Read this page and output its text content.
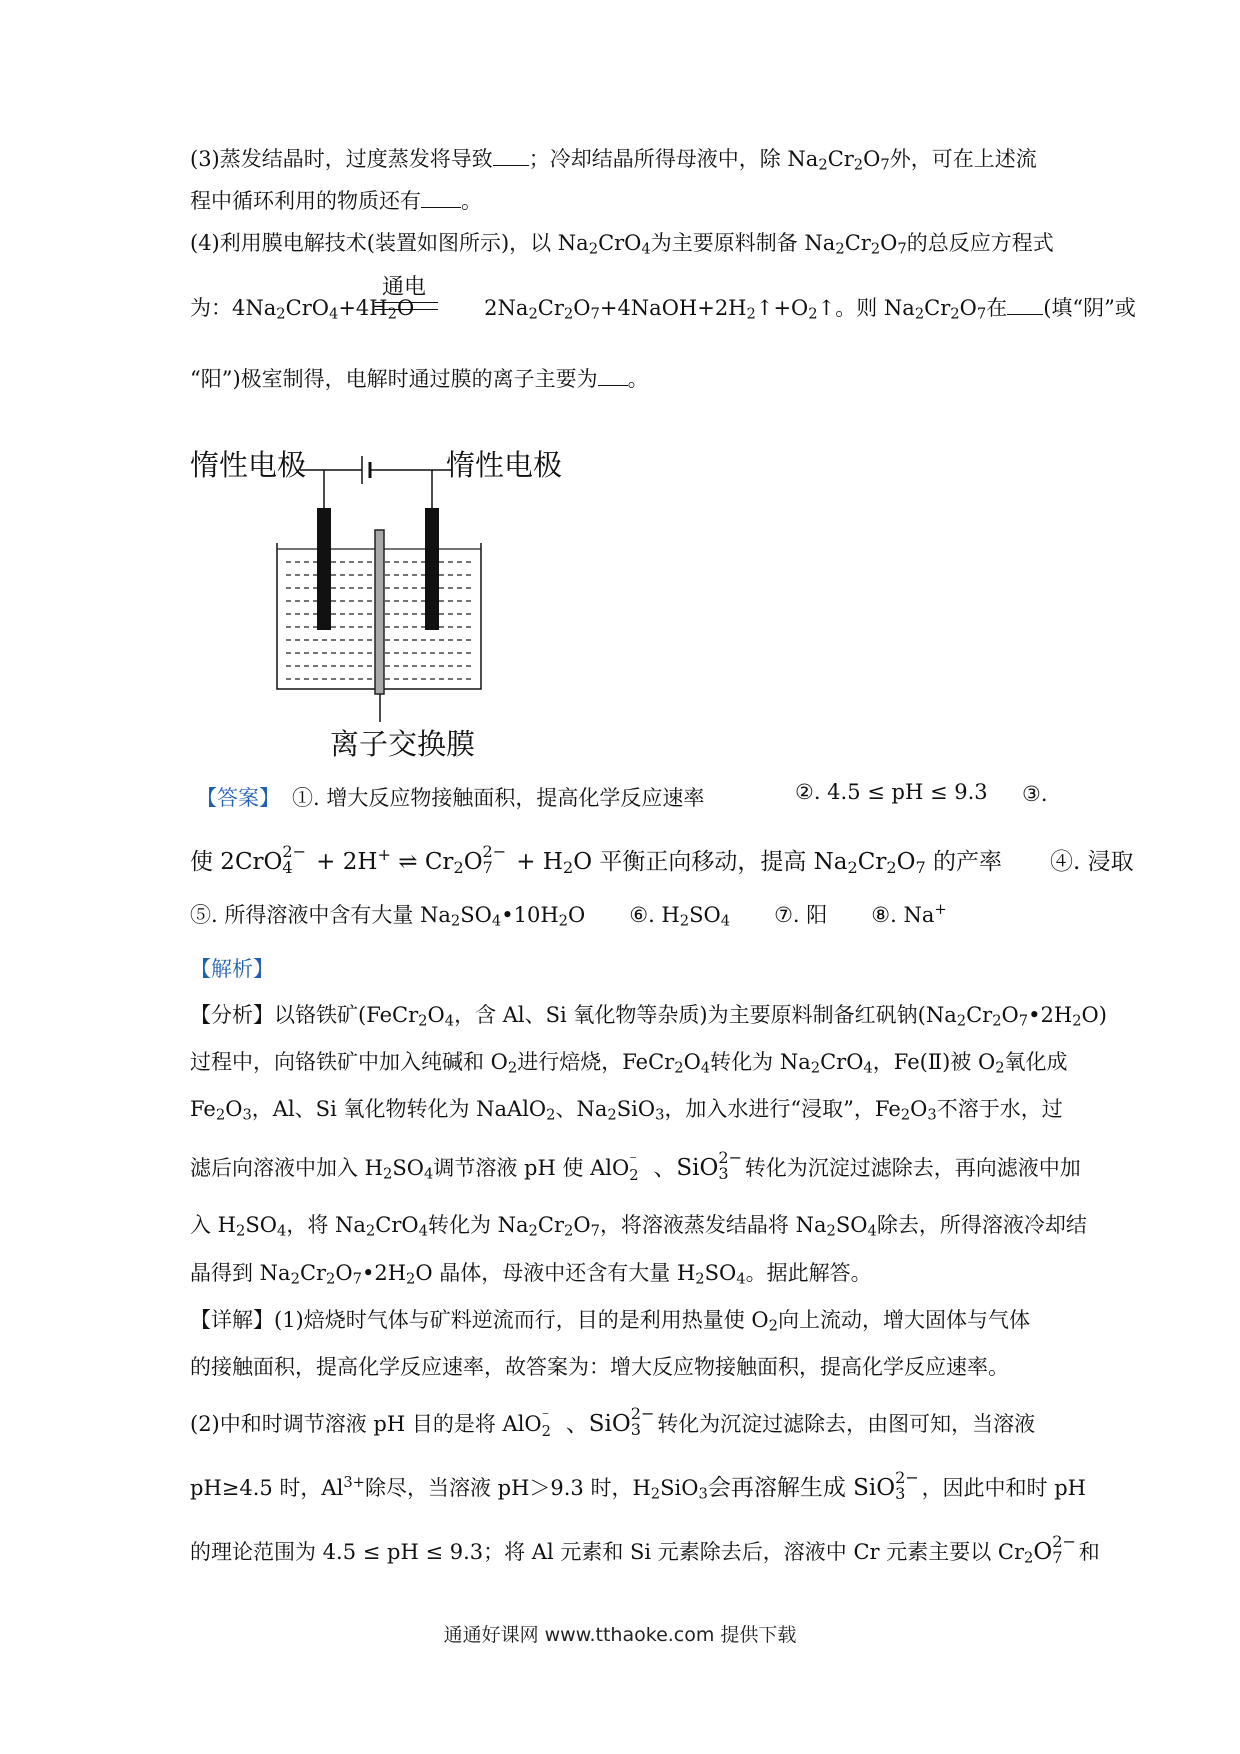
(3)蒸发结晶时，过度蒸发将导致 ；冷却结晶所得母液中，除 $Na_2Cr_2O_7$外，可在上述流
程中循环利用的物质还有 。
(4)利用膜电解技术(装置如图所示)，以 $Na_2CrO_4$为主要原料制备 $Na_2Cr_2O_7$的总反应方程式
通电
为：$4Na_2CrO_4+4H_2O$	$2Na_2Cr_2O_7+4NaOH+2H_2↑+O_2↑$。则 $Na_2Cr_2O_7$在 (填“阴”或
“阳”)极室制得，电解时通过膜的离子主要为 。
惰性电极	惰性电极
离子交换膜
【答案】 ①. 增大反应物接触面积，提高化学反应速率	②. 4.5 ≤ pH ≤ 9.3 ③.
使 2CrO 2−
4 + 2H+ ⇌ $Cr_2O$ 2−
$7 + H_2O$ 平衡正向移动，提高 $Na_2Cr_2O_7$ 的产率 ④. 浸取
⑤. 所得溶液中含有大量 $Na_2SO_4•10H_2O$ ⑥. $H_2SO_4$ ⑦. 阳 ⑧. Na+
【解析】
【分析】以铬铁矿($FeCr_2O_4$，含 Al、Si 氧化物等杂质)为主要原料制备红矾钠$(Na_2Cr_2O_7•2H_2O)$
过程中，向铬铁矿中加入纯碱和 $O_2$进行焙烧，$FeCr_2O_4$转化为 $Na_2CrO_4$，Fe(Ⅱ)被 $O_2$氧化成
$Fe_2O_3$，Al、Si 氧化物转化为 NaAlO$_2$、$Na_2SiO_3$，加入水进行“浸取”，$Fe_2O_3$不溶于水，过
滤后向溶液中加入 $H_2SO_4$调节溶液 pH 使 AlO ⁻
2 、SiO 2−
3 转化为沉淀过滤除去，再向滤液中加
入 $H_2SO_4$，将 $Na_2CrO_4$转化为 $Na_2Cr_2O_7$，将溶液蒸发结晶将 $Na_2SO_4$除去，所得溶液冷却结
晶得到 $Na_2Cr_2O_7•2H_2O$ 晶体，母液中还含有大量 $H_2SO_4$。据此解答。
【详解】(1)焙烧时气体与矿料逆流而行，目的是利用热量使 $O_2$向上流动，增大固体与气体
的接触面积，提高化学反应速率，故答案为：增大反应物接触面积，提高化学反应速率。
(2)中和时调节溶液 pH 目的是将 AlO ⁻
2 、SiO 2−
3 转化为沉淀过滤除去，由图可知，当溶液
pH≥4.5 时，$Al^{3+}$除尽，当溶液 pH＞9.3 时，$H_2SiO_3$会再溶解生成 SiO 2−
3 ，因此中和时 pH
的理论范围为 4.5 ≤ pH ≤ 9.3；将 Al 元素和 Si 元素除去后，溶液中 Cr 元素主要以 $Cr_2O$ 2−
7 和
通通好课网 www.tthaoke.com 提供下载
